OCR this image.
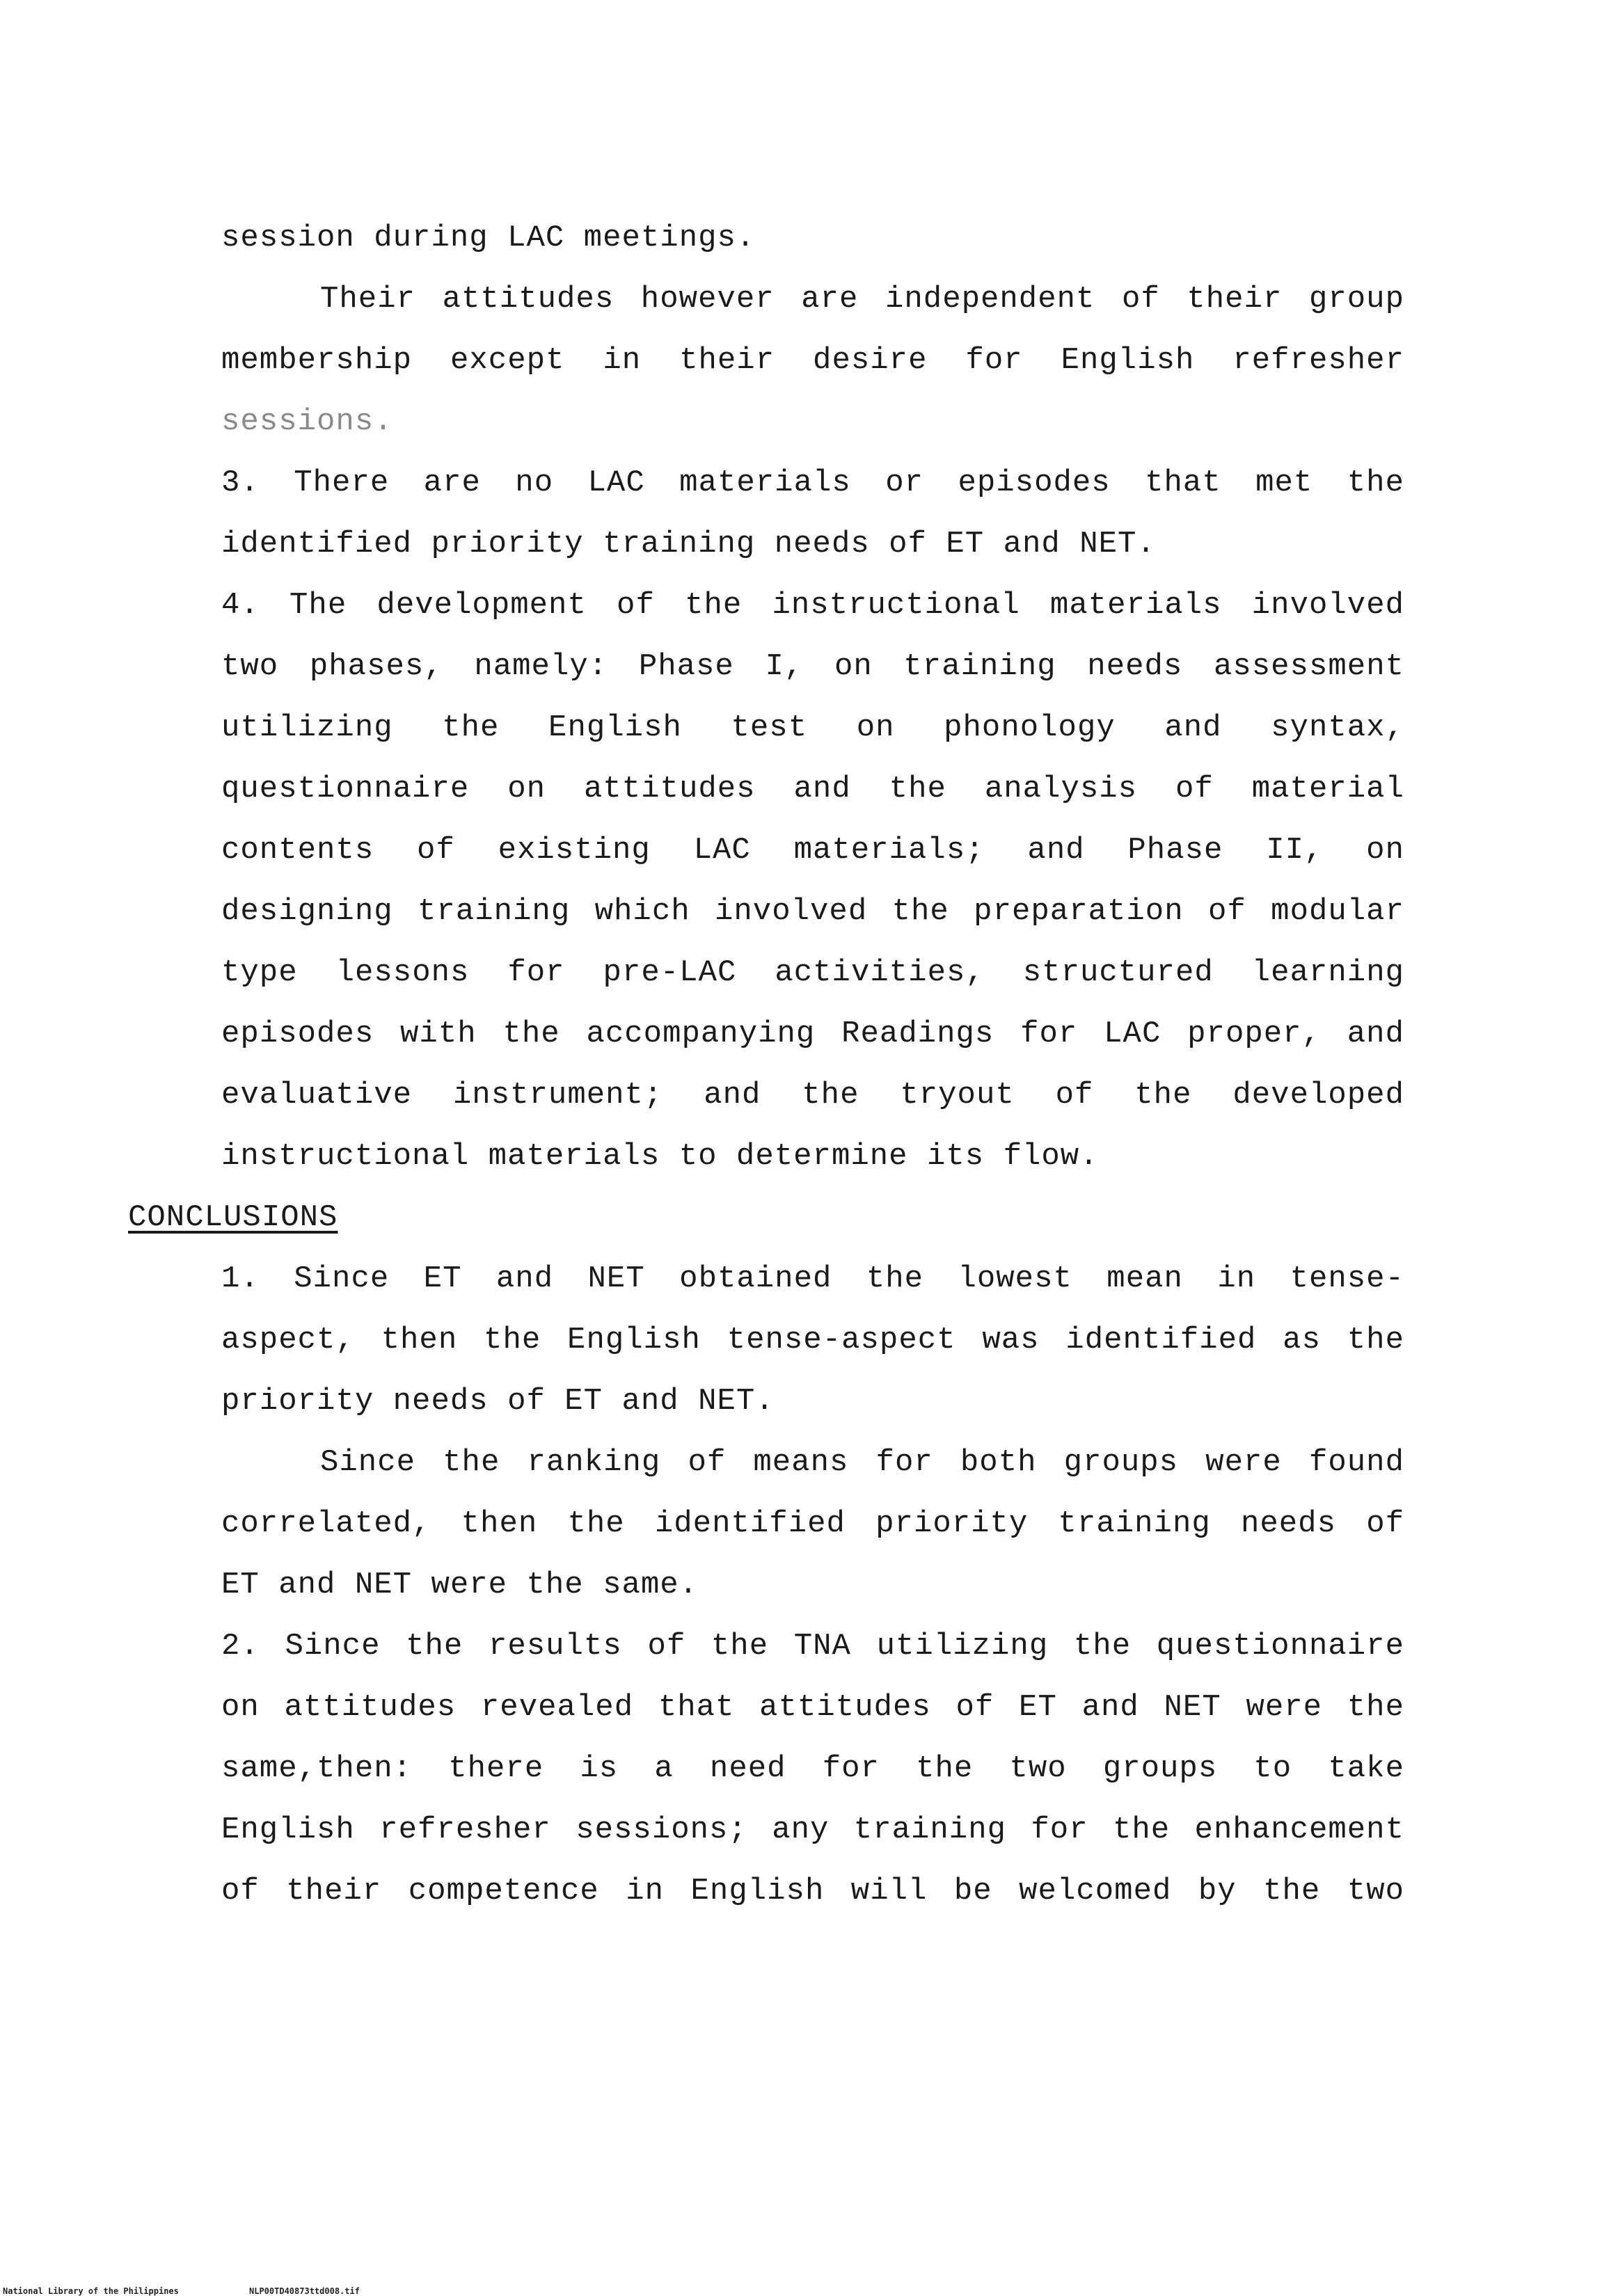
session during LAC meetings.
Their attitudes however are independent of their group
membership except in their desire for English refresher
sessions.
3. There are no LAC materials or episodes that met the
identified priority training needs of ET and NET.
4. The development of the instructional materials involved
two phases, namely: Phase I, on training needs assessment
utilizing the English test on phonology and syntax,
questionnaire on attitudes and the analysis of material
contents of existing LAC materials; and Phase II, on
designing training which involved the preparation of modular
type lessons for pre-LAC activities, structured learning
episodes with the accompanying Readings for LAC proper, and
evaluative instrument; and the tryout of the developed
instructional materials to determine its flow.
CONCLUSIONS
1. Since ET and NET obtained the lowest mean in tense-
aspect, then the English tense-aspect was identified as the
priority needs of ET and NET.
Since the ranking of means for both groups were found
correlated, then the identified priority training needs of
ET and NET were the same.
2. Since the results of the TNA utilizing the questionnaire
on attitudes revealed that attitudes of ET and NET were the
same,then: there is a need for the two groups to take
English refresher sessions; any training for the enhancement
of their competence in English will be welcomed by the two
National Library of the Philippines	NLP00TD40873ttd008.tif
